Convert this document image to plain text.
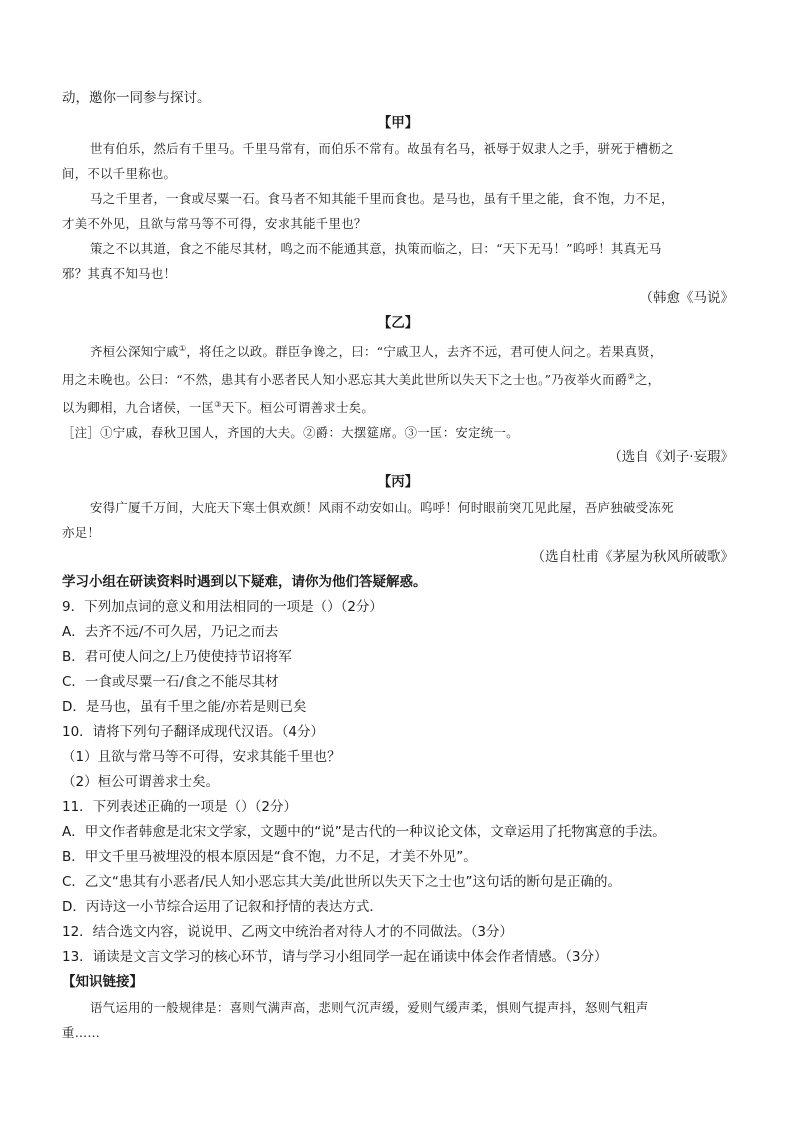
动，邀你一同参与探讨。
【甲】
世有伯乐，然后有千里马。千里马常有，而伯乐不常有。故虽有名马，祇辱于奴隶人之手，骈死于槽枥之
间，不以千里称也。
马之千里者，一食或尽粟一石。食马者不知其能千里而食也。是马也，虽有千里之能，食不饱，力不足，
才美不外见，且欲与常马等不可得，安求其能千里也？
策之不以其道，食之不能尽其材，鸣之而不能通其意，执策而临之，曰：“天下无马！”呜呼！其真无马
邪？其真不知马也！
（韩愈《马说》
【乙】
齐桓公深知宁戚①，将任之以政。群臣争谗之，曰：“宁戚卫人，去齐不远，君可使人问之。若果真贤，
用之未晚也。公曰：“不然，患其有小恶者民人知小恶忘其大美此世所以失天下之士也。”乃夜举火而爵②之，
以为卿相，九合诸侯，一匡③天下。桓公可谓善求士矣。
［注］①宁戚，春秋卫国人，齐国的大夫。②爵：大摆筵席。③一匡：安定统一。
（选自《刘子·妄瑕》
【丙】
安得广厦千万间，大庇天下寒士俱欢颜！风雨不动安如山。呜呼！何时眼前突兀见此屋，吾庐独破受冻死
亦足！
（选自杜甫《茅屋为秋风所破歌》
学习小组在研读资料时遇到以下疑难，请你为他们答疑解惑。
9．下列加点词的意义和用法相同的一项是（）（2分）
A．去齐不远/不可久居，乃记之而去
B．君可使人问之/上乃使使持节诏将军
C．一食或尽粟一石/食之不能尽其材
D．是马也，虽有千里之能/亦若是则已矣
10．请将下列句子翻译成现代汉语。（4分）
（1）且欲与常马等不可得，安求其能千里也？
（2）桓公可谓善求士矣。
11．下列表述正确的一项是（）（2分）
A．甲文作者韩愈是北宋文学家，文题中的“说”是古代的一种议论文体，文章运用了托物寓意的手法。
B．甲文千里马被埋没的根本原因是“食不饱，力不足，才美不外见”。
C．乙文“患其有小恶者/民人知小恶忘其大美/此世所以失天下之士也”这句话的断句是正确的。
D．丙诗这一小节综合运用了记叙和抒情的表达方式．
12．结合选文内容，说说甲、乙两文中统治者对待人才的不同做法。（3分）
13．诵读是文言文学习的核心环节，请与学习小组同学一起在诵读中体会作者情感。（3分）
【知识链接】
语气运用的一般规律是：喜则气满声高，悲则气沉声缓，爱则气缓声柔，惧则气提声抖，怒则气粗声
重……
